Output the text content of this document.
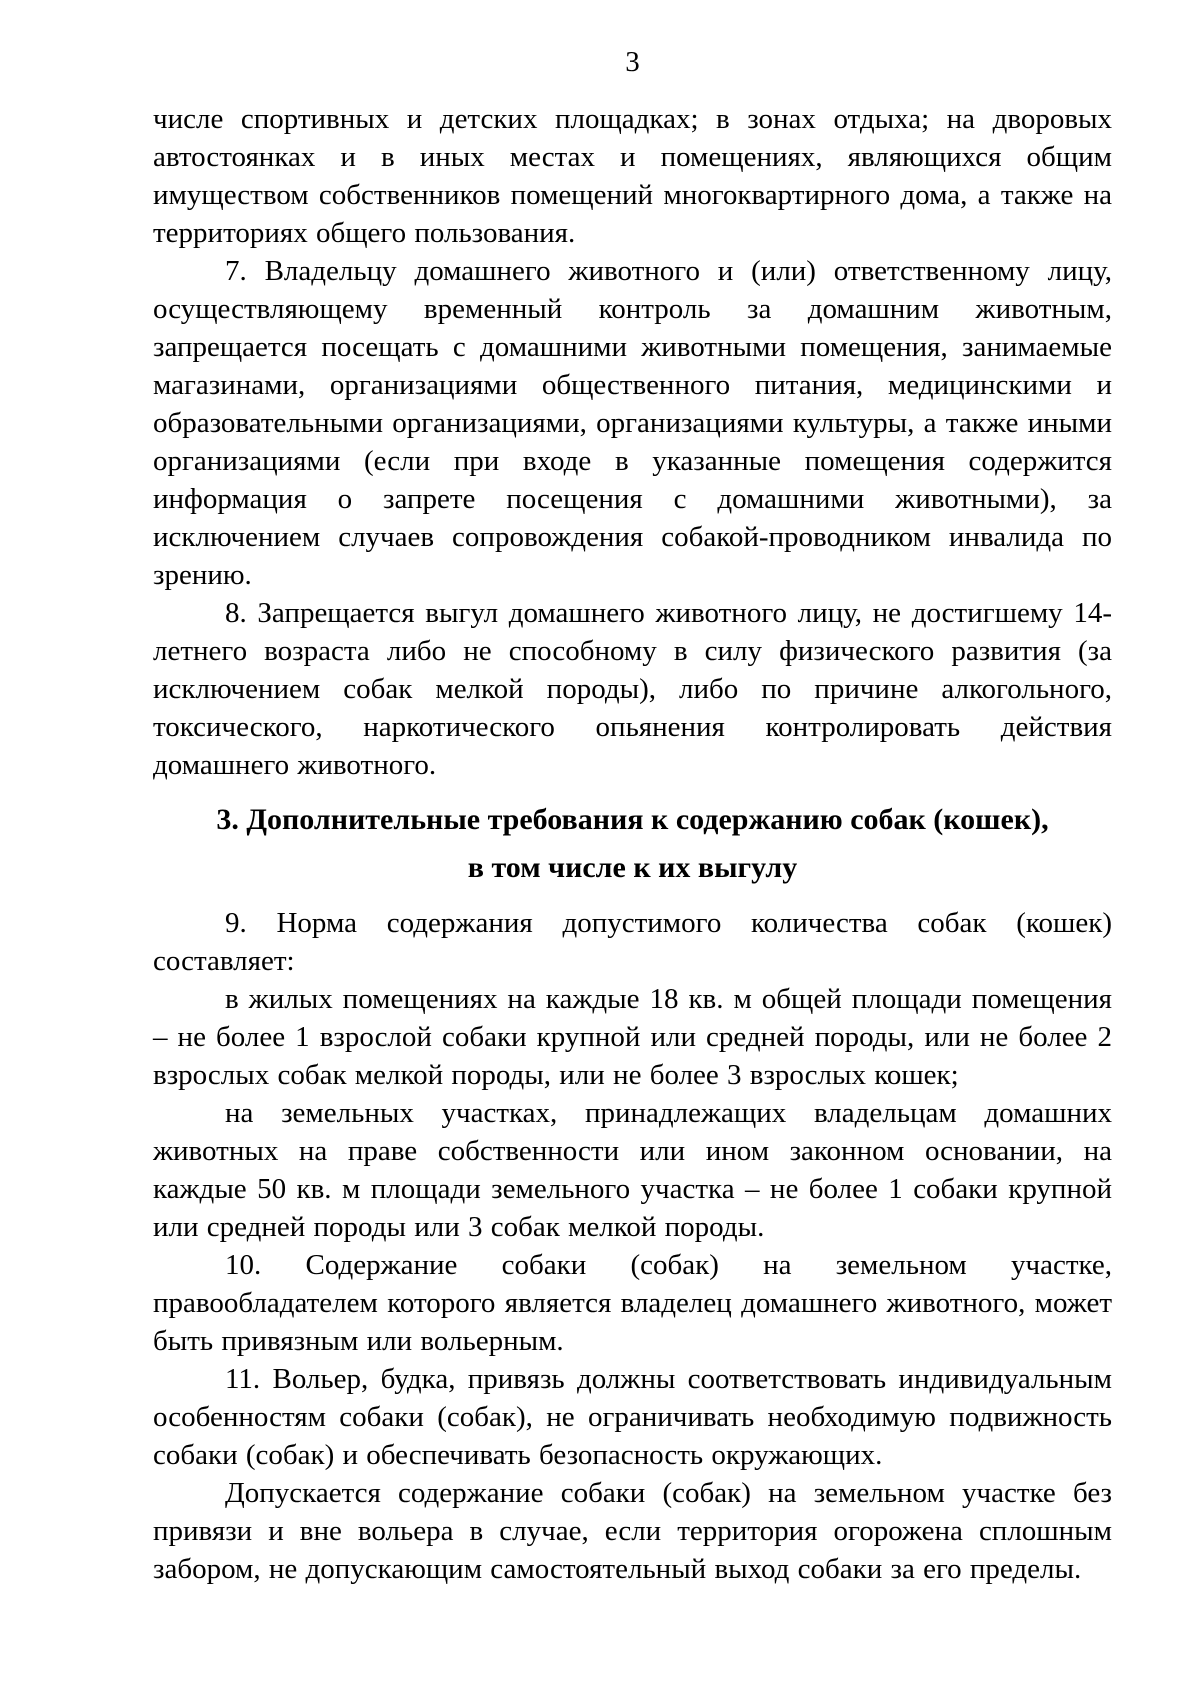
3

числе спортивных и детских площадках; в зонах отдыха; на дворовых автостоянках и в иных местах и помещениях, являющихся общим имуществом собственников помещений многоквартирного дома, а также на территориях общего пользования.

7. Владельцу домашнего животного и (или) ответственному лицу, осуществляющему временный контроль за домашним животным, запрещается посещать с домашними животными помещения, занимаемые магазинами, организациями общественного питания, медицинскими и образовательными организациями, организациями культуры, а также иными организациями (если при входе в указанные помещения содержится информация о запрете посещения с домашними животными), за исключением случаев сопровождения собакой-проводником инвалида по зрению.

8. Запрещается выгул домашнего животного лицу, не достигшему 14-летнего возраста либо не способному в силу физического развития (за исключением собак мелкой породы), либо по причине алкогольного, токсического, наркотического опьянения контролировать действия домашнего животного.

3. Дополнительные требования к содержанию собак (кошек),
в том числе к их выгулу

9. Норма содержания допустимого количества собак (кошек) составляет:

в жилых помещениях на каждые 18 кв. м общей площади помещения – не более 1 взрослой собаки крупной или средней породы, или не более 2 взрослых собак мелкой породы, или не более 3 взрослых кошек;

на земельных участках, принадлежащих владельцам домашних животных на праве собственности или ином законном основании, на каждые 50 кв. м площади земельного участка – не более 1 собаки крупной или средней породы или 3 собак мелкой породы.

10. Содержание собаки (собак) на земельном участке, правообладателем которого является владелец домашнего животного, может быть привязным или вольерным.

11. Вольер, будка, привязь должны соответствовать индивидуальным особенностям собаки (собак), не ограничивать необходимую подвижность собаки (собак) и обеспечивать безопасность окружающих.

Допускается содержание собаки (собак) на земельном участке без привязи и вне вольера в случае, если территория огорожена сплошным забором, не допускающим самостоятельный выход собаки за его пределы.
